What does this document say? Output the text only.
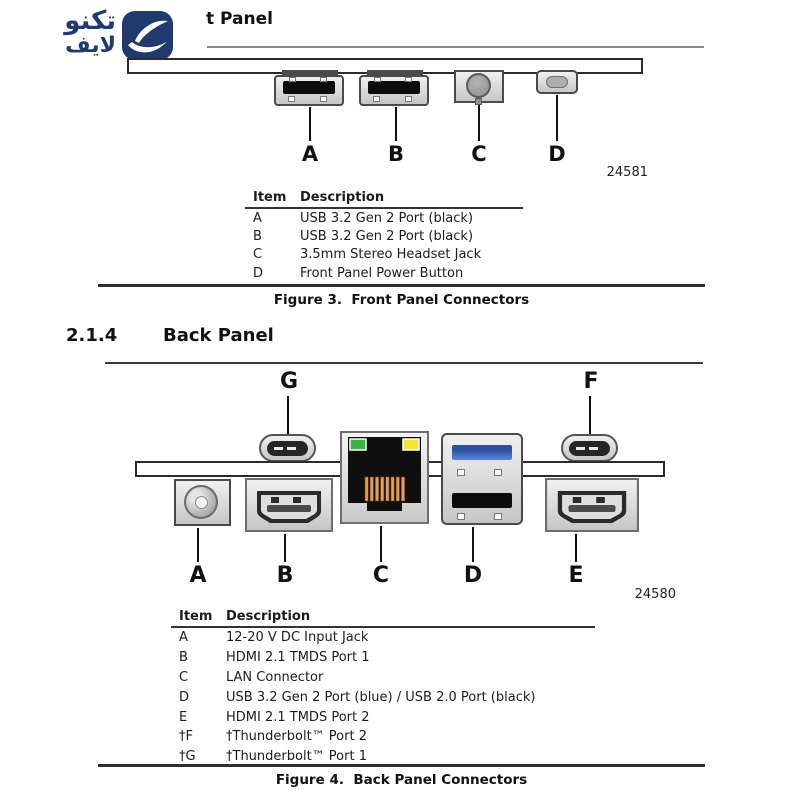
تكنو
لايف
t Panel
A	B	C	D
24581
Item	Description
A	USB 3.2 Gen 2 Port (black)
B	USB 3.2 Gen 2 Port (black)
C	3.5mm Stereo Headset Jack
D	Front Panel Power Button
Figure 3.  Front Panel Connectors
2.1.4	Back Panel
G	F
A	B	C	D	E
24580
Item	Description
A	12-20 V DC Input Jack
B	HDMI 2.1 TMDS Port 1
C	LAN Connector
D	USB 3.2 Gen 2 Port (blue) / USB 2.0 Port (black)
E	HDMI 2.1 TMDS Port 2
†F	†Thunderbolt™ Port 2
†G	†Thunderbolt™ Port 1
Figure 4.  Back Panel Connectors
